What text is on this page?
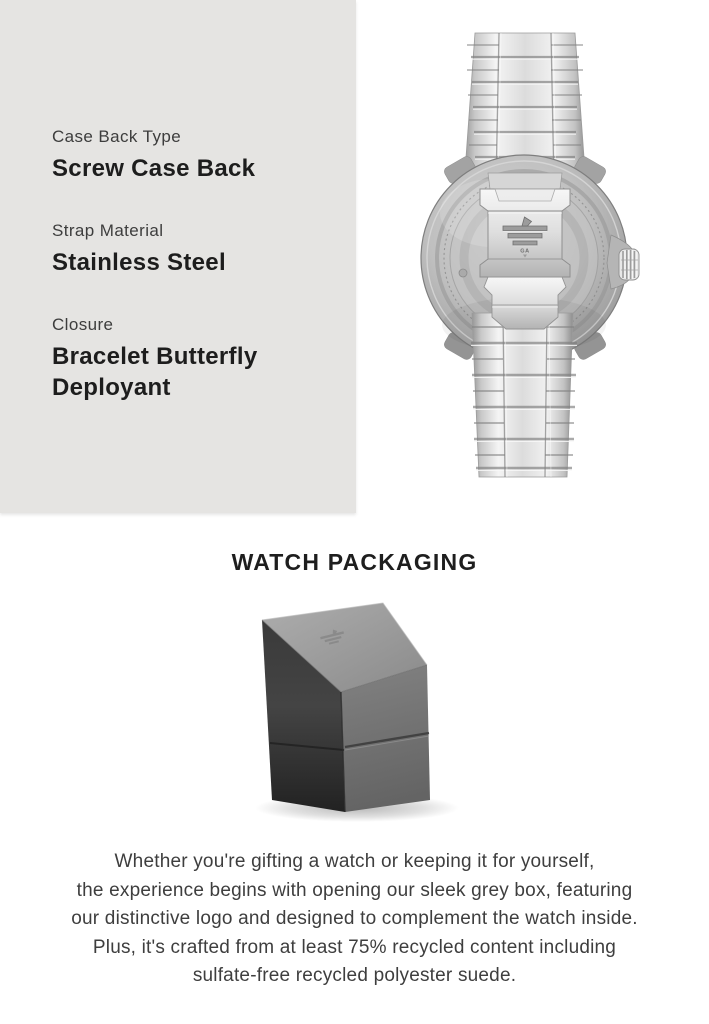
Case Back Type
Screw Case Back
Strap Material
Stainless Steel
Closure
Bracelet Butterfly Deployant
GA
WATCH PACKAGING
Whether you're gifting a watch or keeping it for yourself,
the experience begins with opening our sleek grey box, featuring
our distinctive logo and designed to complement the watch inside.
Plus, it's crafted from at least 75% recycled content including
sulfate-free recycled polyester suede.
